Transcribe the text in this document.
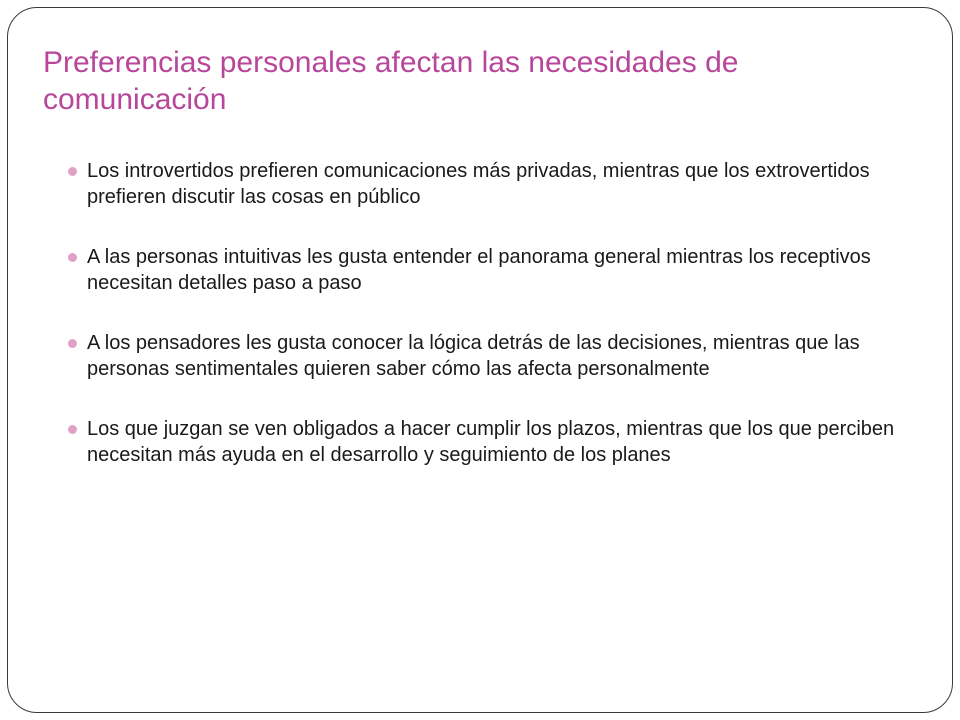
Preferencias personales afectan las necesidades de comunicación
Los introvertidos prefieren comunicaciones más privadas, mientras que los extrovertidos prefieren discutir las cosas en público
A las personas intuitivas les gusta entender el panorama general mientras los receptivos necesitan detalles paso a paso
A los pensadores les gusta conocer la lógica detrás de las decisiones, mientras que las personas sentimentales quieren saber cómo las afecta personalmente
Los que juzgan se ven obligados a hacer cumplir los plazos, mientras que los que perciben necesitan más ayuda en el desarrollo y seguimiento de los planes
